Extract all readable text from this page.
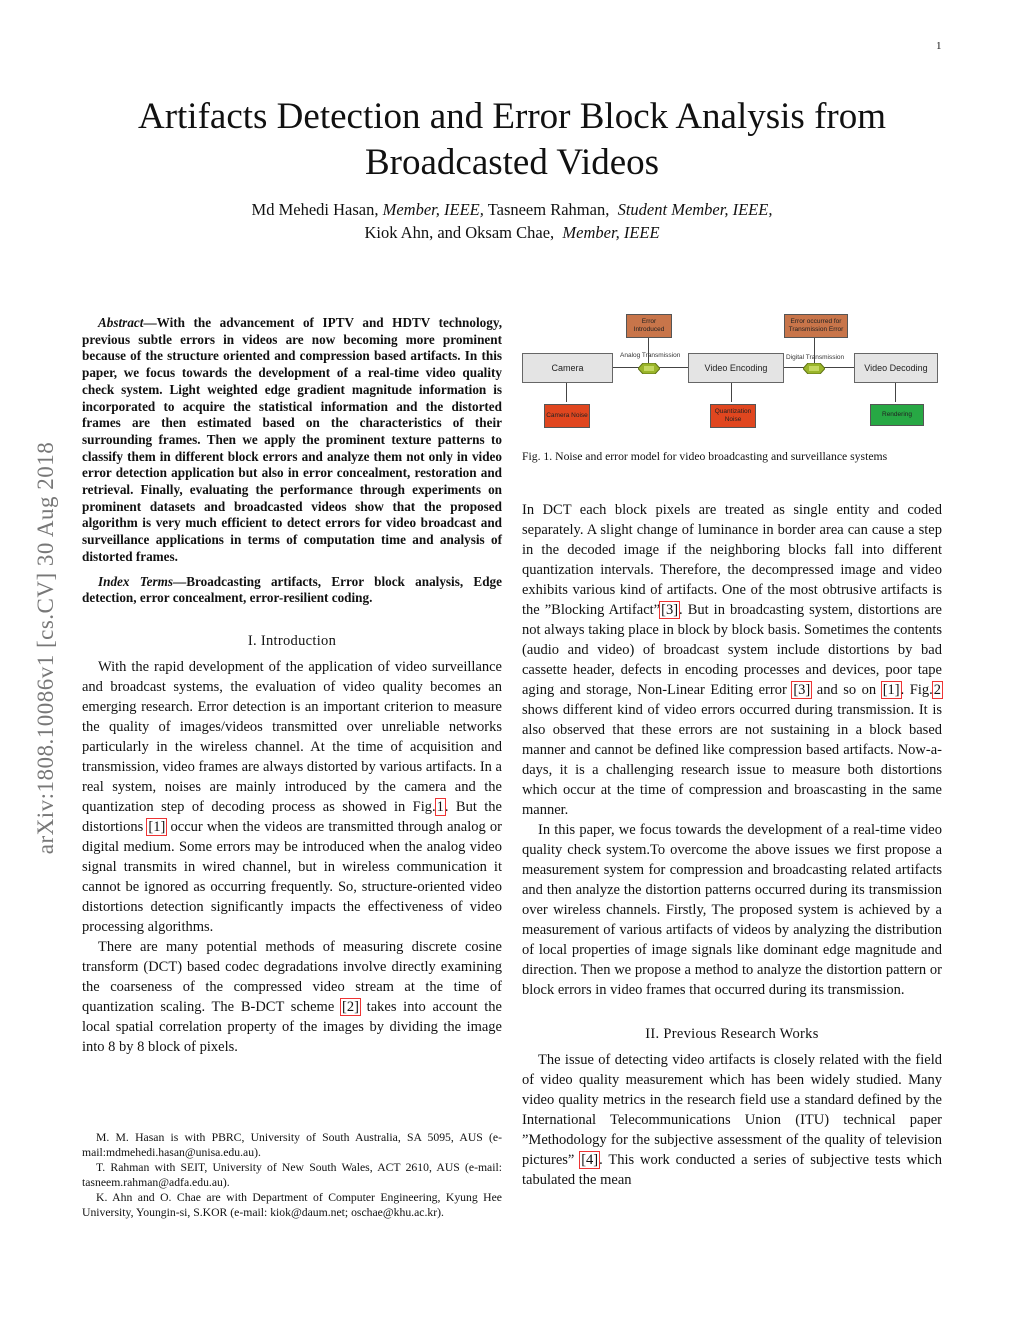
1
arXiv:1808.10086v1 [cs.CV] 30 Aug 2018
Artifacts Detection and Error Block Analysis from Broadcasted Videos
Md Mehedi Hasan, Member, IEEE, Tasneem Rahman, Student Member, IEEE,
Kiok Ahn, and Oksam Chae, Member, IEEE

Abstract—With the advancement of IPTV and HDTV technology, previous subtle errors in videos are now becoming more prominent because of the structure oriented and compression based artifacts. In this paper, we focus towards the development of a real-time video quality check system. Light weighted edge gradient magnitude information is incorporated to acquire the statistical information and the distorted frames are then estimated based on the characteristics of their surrounding frames. Then we apply the prominent texture patterns to classify them in different block errors and analyze them not only in video error detection application but also in error concealment, restoration and retrieval. Finally, evaluating the performance through experiments on prominent datasets and broadcasted videos show that the proposed algorithm is very much efficient to detect errors for video broadcast and surveillance applications in terms of computation time and analysis of distorted frames.

Index Terms—Broadcasting artifacts, Error block analysis, Edge detection, error concealment, error-resilient coding.

I. Introduction

With the rapid development of the application of video surveillance and broadcast systems, the evaluation of video quality becomes an emerging research. Error detection is an important criterion to measure the quality of images/videos transmitted over unreliable networks particularly in the wireless channel. At the time of acquisition and transmission, video frames are always distorted by various artifacts. In a real system, noises are mainly introduced by the camera and the quantization step of decoding process as showed in Fig.1. But the distortions [1] occur when the videos are transmitted through analog or digital medium. Some errors may be introduced when the analog video signal transmits in wired channel, but in wireless communication it cannot be ignored as occurring frequently. So, structure-oriented video distortions detection significantly impacts the effectiveness of video processing algorithms.

There are many potential methods of measuring discrete cosine transform (DCT) based codec degradations involve directly examining the coarseness of the compressed video stream at the time of quantization scaling. The B-DCT scheme [2] takes into account the local spatial correlation property of the images by dividing the image into 8 by 8 block of pixels.

M. M. Hasan is with PBRC, University of South Australia, SA 5095, AUS (e-mail:mdmehedi.hasan@unisa.edu.au).

T. Rahman with SEIT, University of New South Wales, ACT 2610, AUS (e-mail: tasneem.rahman@adfa.edu.au).

K. Ahn and O. Chae are with Department of Computer Engineering, Kyung Hee University, Youngin-si, S.KOR (e-mail: kiok@daum.net; oschae@khu.ac.kr).

Camera	Video Encoding	Video Decoding
Error Introduced
Error occurred for Transmission Error
Analog Transmission	Digital Transmission
Camera Noise
Quantization Noise
Rendering
Fig. 1. Noise and error model for video broadcasting and surveillance systems

In DCT each block pixels are treated as single entity and coded separately. A slight change of luminance in border area can cause a step in the decoded image if the neighboring blocks fall into different quantization intervals. Therefore, the decompressed image and video exhibits various kind of artifacts. One of the most obtrusive artifacts is the ”Blocking Artifact”[3]. But in broadcasting system, distortions are not always taking place in block by block basis. Sometimes the contents (audio and video) of broadcast system include distortions by bad cassette header, defects in encoding processes and devices, poor tape aging and storage, Non-Linear Editing error [3] and so on [1]. Fig.2 shows different kind of video errors occurred during transmission. It is also observed that these errors are not sustaining in a block based manner and cannot be defined like compression based artifacts. Now-a-days, it is a challenging research issue to measure both distortions which occur at the time of compression and broascasting in the same manner.

In this paper, we focus towards the development of a real-time video quality check system.To overcome the above issues we first propose a measurement system for compression and broadcasting related artifacts and then analyze the distortion patterns occurred during its transmission over wireless channels. Firstly, The proposed system is achieved by a measurement of various artifacts of videos by analyzing the distribution of local properties of image signals like dominant edge magnitude and direction. Then we propose a method to analyze the distortion pattern or block errors in video frames that occurred during its transmission.

II. Previous Research Works

The issue of detecting video artifacts is closely related with the field of video quality measurement which has been widely studied. Many video quality metrics in the research field use a standard defined by the International Telecommunications Union (ITU) technical paper ”Methodology for the subjective assessment of the quality of television pictures” [4]. This work conducted a series of subjective tests which tabulated the mean
